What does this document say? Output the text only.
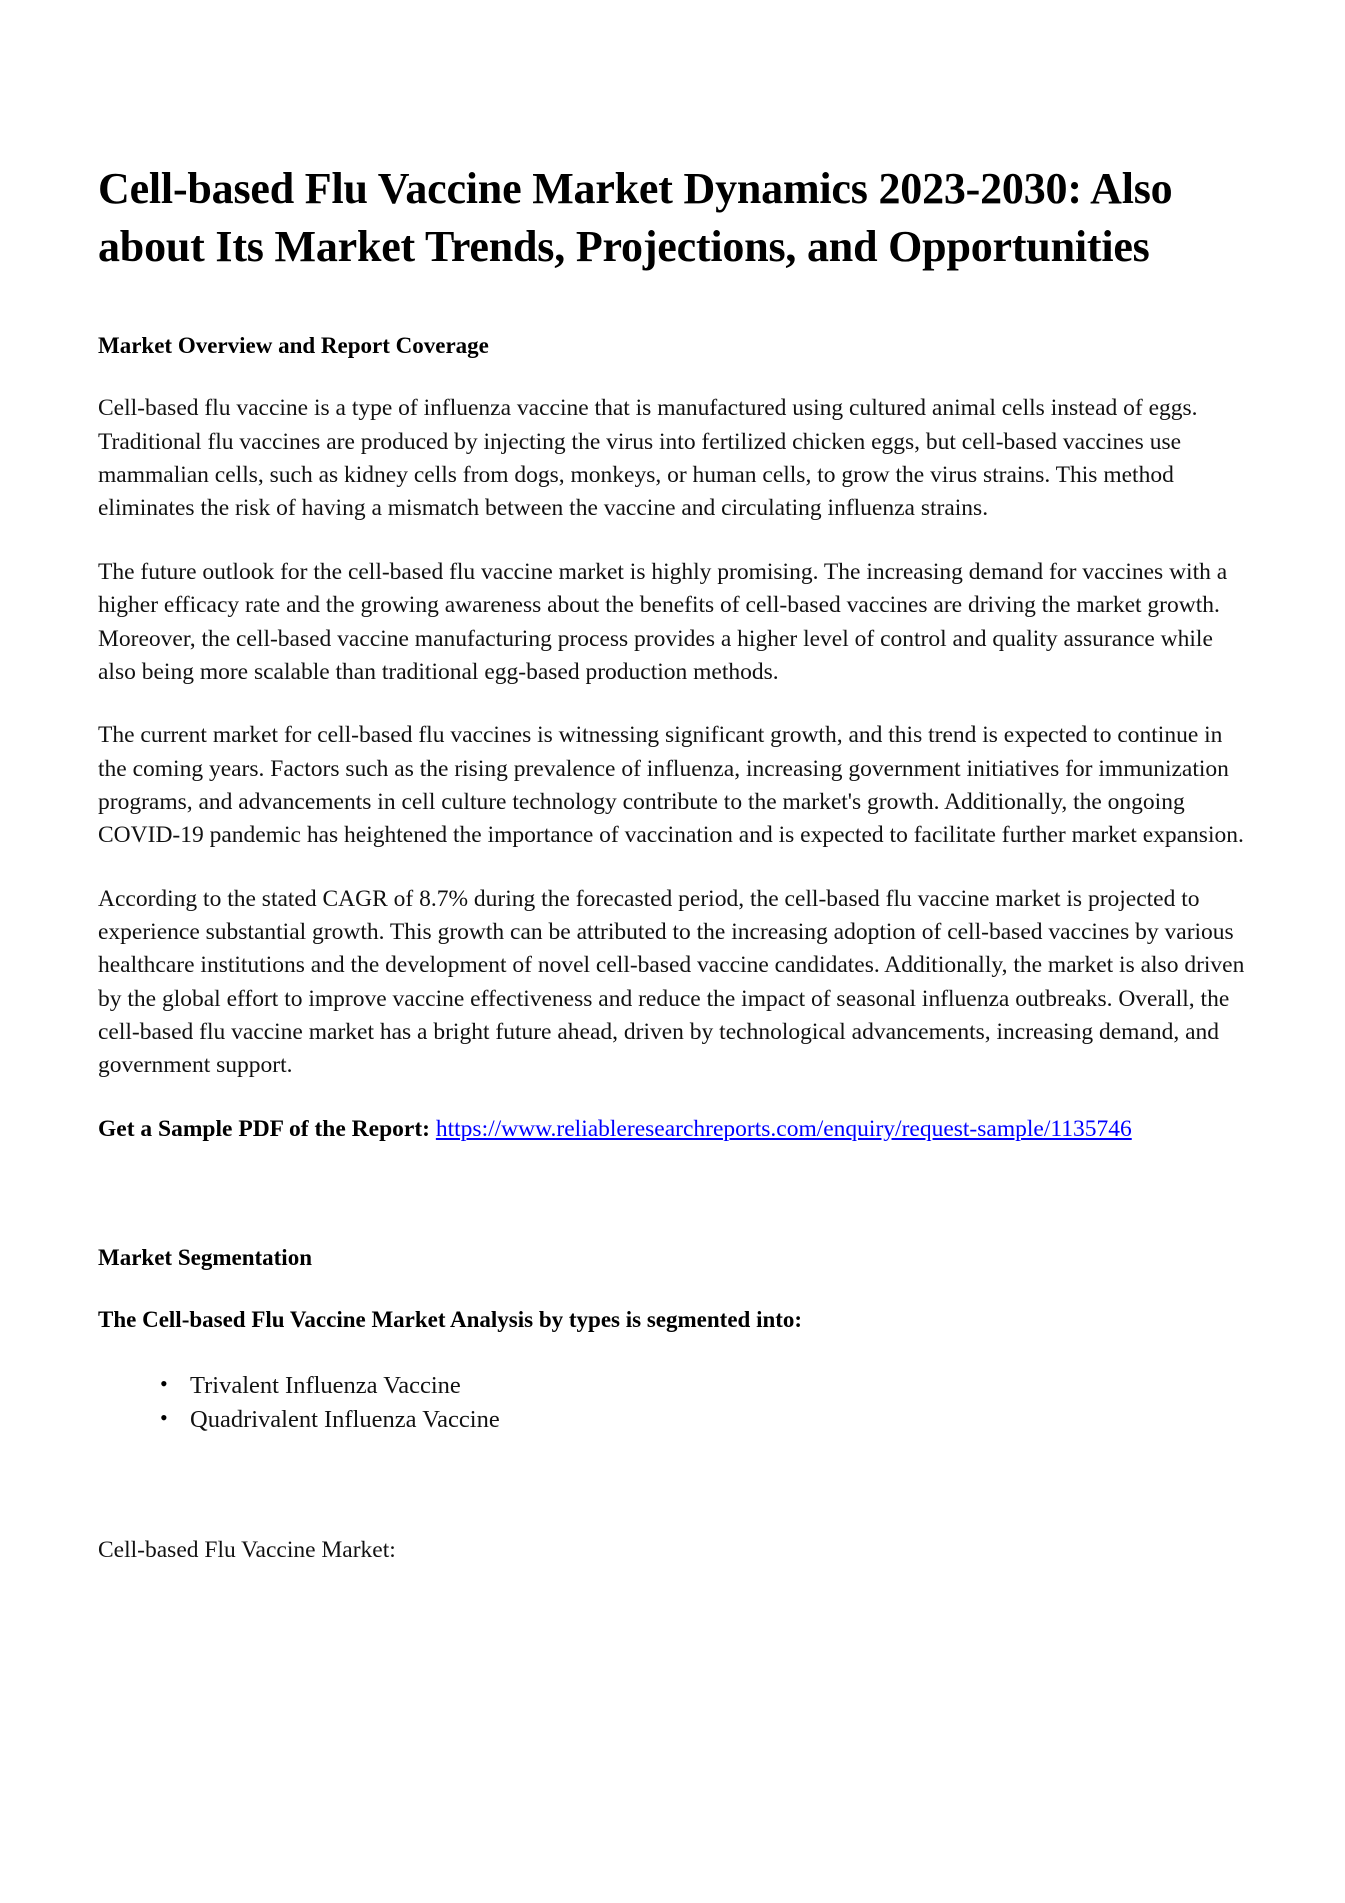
Cell-based Flu Vaccine Market Dynamics 2023-2030: Also about Its Market Trends, Projections, and Opportunities
Market Overview and Report Coverage

Cell-based flu vaccine is a type of influenza vaccine that is manufactured using cultured animal cells instead of eggs. Traditional flu vaccines are produced by injecting the virus into fertilized chicken eggs, but cell-based vaccines use mammalian cells, such as kidney cells from dogs, monkeys, or human cells, to grow the virus strains. This method eliminates the risk of having a mismatch between the vaccine and circulating influenza strains.

The future outlook for the cell-based flu vaccine market is highly promising. The increasing demand for vaccines with a higher efficacy rate and the growing awareness about the benefits of cell-based vaccines are driving the market growth. Moreover, the cell-based vaccine manufacturing process provides a higher level of control and quality assurance while also being more scalable than traditional egg-based production methods.

The current market for cell-based flu vaccines is witnessing significant growth, and this trend is expected to continue in the coming years. Factors such as the rising prevalence of influenza, increasing government initiatives for immunization programs, and advancements in cell culture technology contribute to the market's growth. Additionally, the ongoing COVID-19 pandemic has heightened the importance of vaccination and is expected to facilitate further market expansion.

According to the stated CAGR of 8.7% during the forecasted period, the cell-based flu vaccine market is projected to experience substantial growth. This growth can be attributed to the increasing adoption of cell-based vaccines by various healthcare institutions and the development of novel cell-based vaccine candidates. Additionally, the market is also driven by the global effort to improve vaccine effectiveness and reduce the impact of seasonal influenza outbreaks. Overall, the cell-based flu vaccine market has a bright future ahead, driven by technological advancements, increasing demand, and government support.

Get a Sample PDF of the Report: https://www.reliableresearchreports.com/enquiry/request-sample/1135746

Market Segmentation
The Cell-based Flu Vaccine Market Analysis by types is segmented into:
• Trivalent Influenza Vaccine
• Quadrivalent Influenza Vaccine

Cell-based Flu Vaccine Market:
